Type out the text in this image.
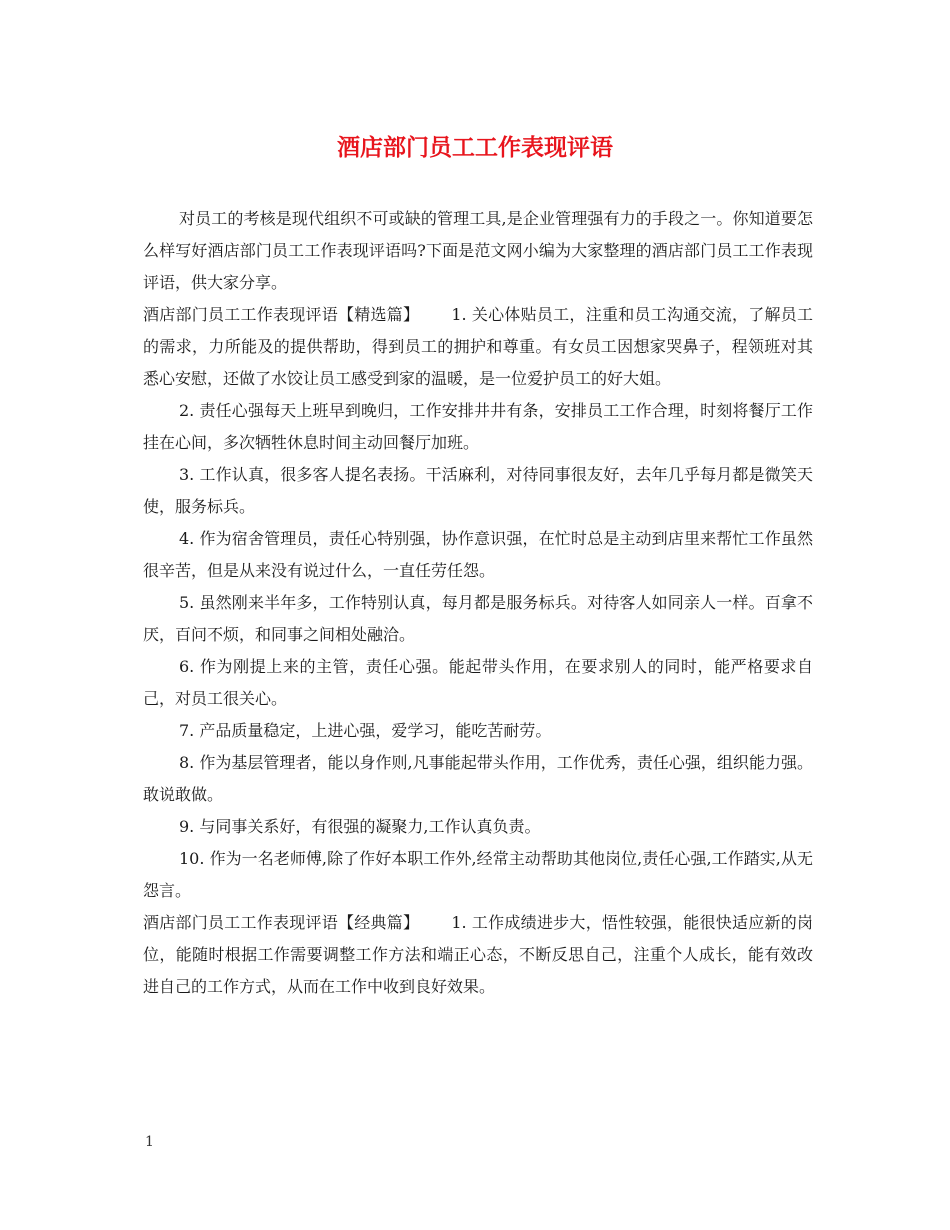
酒店部门员工工作表现评语

对员工的考核是现代组织不可或缺的管理工具,是企业管理强有力的手段之一。你知道要怎么样写好酒店部门员工工作表现评语吗?下面是范文网小编为大家整理的酒店部门员工工作表现评语，供大家分享。

酒店部门员工工作表现评语【精选篇】   1. 关心体贴员工，注重和员工沟通交流，了解员工的需求，力所能及的提供帮助，得到员工的拥护和尊重。有女员工因想家哭鼻子，程领班对其悉心安慰，还做了水饺让员工感受到家的温暖，是一位爱护员工的好大姐。

2. 责任心强每天上班早到晚归，工作安排井井有条，安排员工工作合理，时刻将餐厅工作挂在心间，多次牺牲休息时间主动回餐厅加班。

3. 工作认真，很多客人提名表扬。干活麻利，对待同事很友好，去年几乎每月都是微笑天使，服务标兵。

4. 作为宿舍管理员，责任心特别强，协作意识强，在忙时总是主动到店里来帮忙工作虽然很辛苦，但是从来没有说过什么，一直任劳任怨。

5. 虽然刚来半年多，工作特别认真，每月都是服务标兵。对待客人如同亲人一样。百拿不厌，百问不烦，和同事之间相处融洽。

6. 作为刚提上来的主管，责任心强。能起带头作用，在要求别人的同时，能严格要求自己，对员工很关心。

7. 产品质量稳定，上进心强，爱学习，能吃苦耐劳。

8. 作为基层管理者，能以身作则,凡事能起带头作用，工作优秀，责任心强，组织能力强。敢说敢做。

9. 与同事关系好，有很强的凝聚力,工作认真负责。

10. 作为一名老师傅,除了作好本职工作外,经常主动帮助其他岗位,责任心强,工作踏实,从无怨言。

酒店部门员工工作表现评语【经典篇】   1. 工作成绩进步大，悟性较强，能很快适应新的岗位，能随时根据工作需要调整工作方法和端正心态，不断反思自己，注重个人成长，能有效改进自己的工作方式，从而在工作中收到良好效果。

1
